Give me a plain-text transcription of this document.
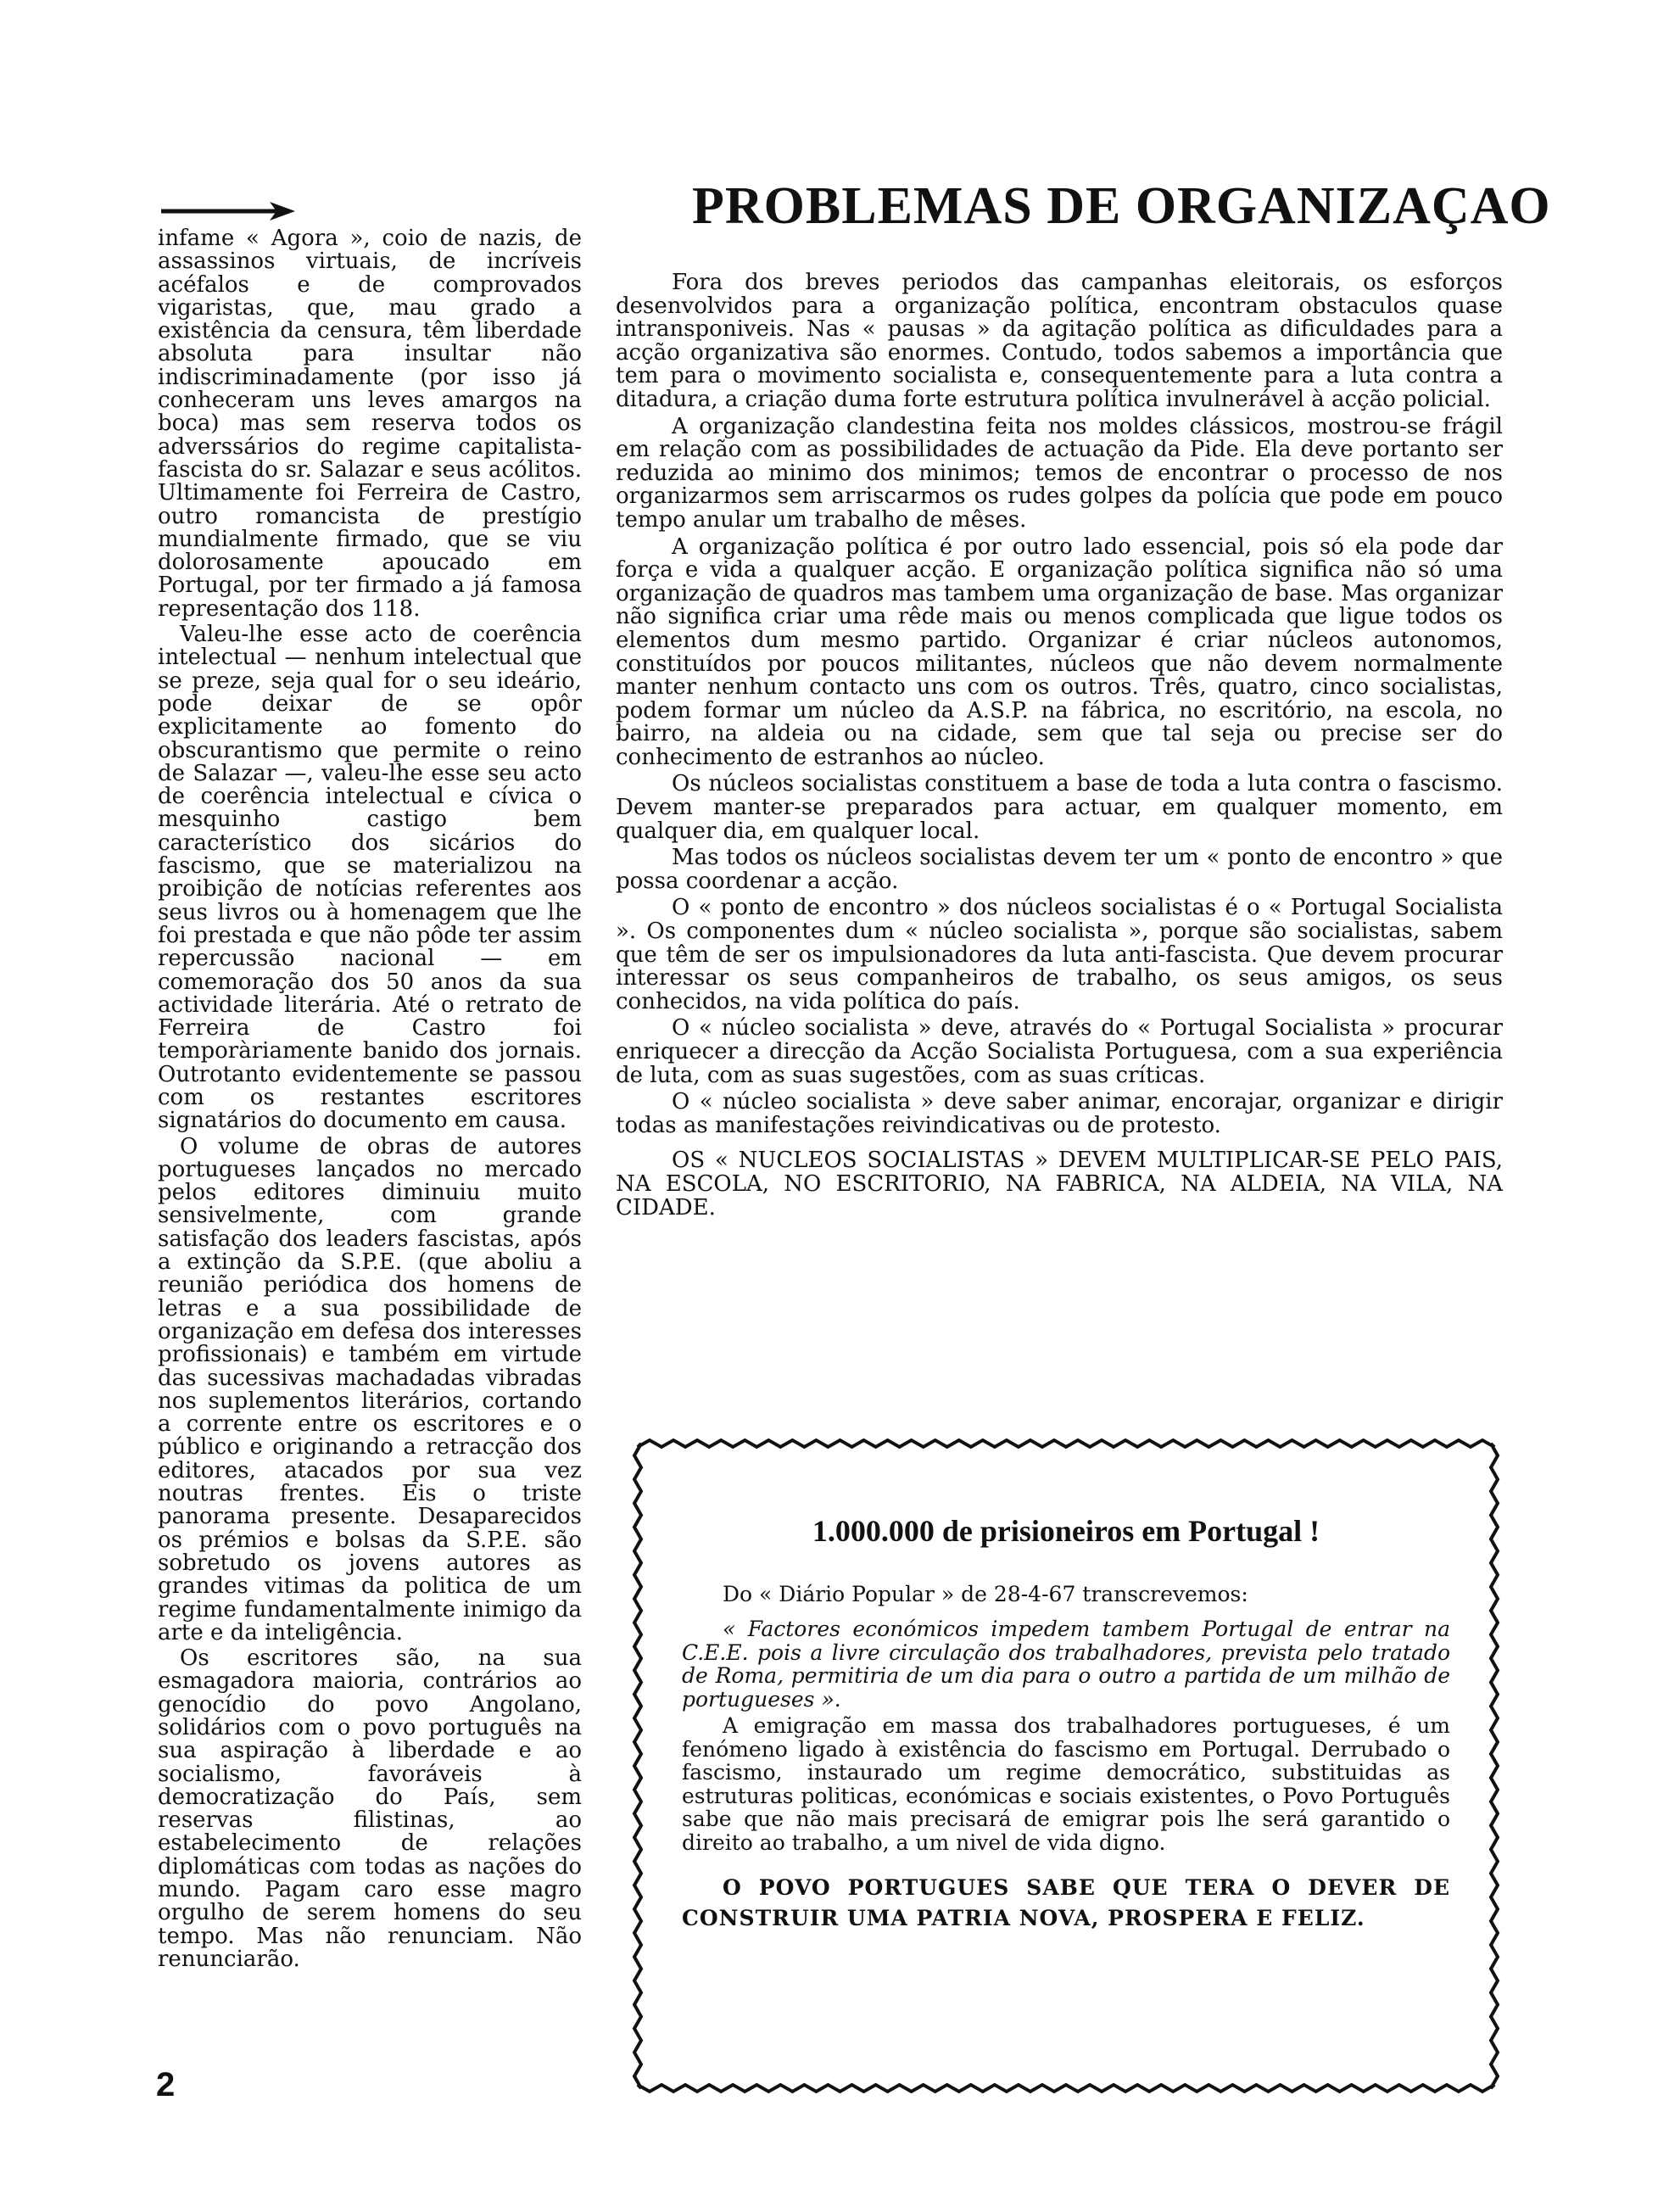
infame « Agora », coio de nazis, de assassinos virtuais, de incríveis acéfalos e de comprovados vigaristas, que, mau grado a existência da censura, têm liberdade absoluta para insultar não indiscriminadamente (por isso já conheceram uns leves amargos na boca) mas sem reserva todos os adverssários do regime capitalista-fascista do sr. Salazar e seus acólitos. Ultimamente foi Ferreira de Castro, outro romancista de prestígio mundialmente firmado, que se viu dolorosamente apoucado em Portugal, por ter firmado a já famosa representação dos 118.

Valeu-lhe esse acto de coerência intelectual — nenhum intelectual que se preze, seja qual for o seu ideário, pode deixar de se opôr explicitamente ao fomento do obscurantismo que permite o reino de Salazar —, valeu-lhe esse seu acto de coerência intelectual e cívica o mesquinho castigo bem característico dos sicários do fascismo, que se materializou na proibição de notícias referentes aos seus livros ou à homenagem que lhe foi prestada e que não pôde ter assim repercussão nacional — em comemoração dos 50 anos da sua actividade literária. Até o retrato de Ferreira de Castro foi temporàriamente banido dos jornais. Outrotanto evidentemente se passou com os restantes escritores signatários do documento em causa.

O volume de obras de autores portugueses lançados no mercado pelos editores diminuiu muito sensivelmente, com grande satisfação dos leaders fascistas, após a extinção da S.P.E. (que aboliu a reunião periódica dos homens de letras e a sua possibilidade de organização em defesa dos interesses profissionais) e também em virtude das sucessivas machadadas vibradas nos suplementos literários, cortando a corrente entre os escritores e o público e originando a retracção dos editores, atacados por sua vez noutras frentes. Eis o triste panorama presente. Desaparecidos os prémios e bolsas da S.P.E. são sobretudo os jovens autores as grandes vitimas da politica de um regime fundamentalmente inimigo da arte e da inteligência.

Os escritores são, na sua esmagadora maioria, contrários ao genocídio do povo Angolano, solidários com o povo português na sua aspiração à liberdade e ao socialismo, favoráveis à democratização do País, sem reservas filistinas, ao estabelecimento de relações diplomáticas com todas as nações do mundo. Pagam caro esse magro orgulho de serem homens do seu tempo. Mas não renunciam. Não renunciarão.

PROBLEMAS DE ORGANIZAÇAO

Fora dos breves periodos das campanhas eleitorais, os esforços desenvolvidos para a organização política, encontram obstaculos quase intransponiveis. Nas « pausas » da agitação política as dificuldades para a acção organizativa são enormes. Contudo, todos sabemos a importância que tem para o movimento socialista e, consequentemente para a luta contra a ditadura, a criação duma forte estrutura política invulnerável à acção policial.

A organização clandestina feita nos moldes clássicos, mostrou-se frágil em relação com as possibilidades de actuação da Pide. Ela deve portanto ser reduzida ao minimo dos minimos; temos de encontrar o processo de nos organizarmos sem arriscarmos os rudes golpes da polícia que pode em pouco tempo anular um trabalho de mêses.

A organização política é por outro lado essencial, pois só ela pode dar força e vida a qualquer acção. E organização política significa não só uma organização de quadros mas tambem uma organização de base. Mas organizar não significa criar uma rêde mais ou menos complicada que ligue todos os elementos dum mesmo partido. Organizar é criar núcleos autonomos, constituídos por poucos militantes, núcleos que não devem normalmente manter nenhum contacto uns com os outros. Três, quatro, cinco socialistas, podem formar um núcleo da A.S.P. na fábrica, no escritório, na escola, no bairro, na aldeia ou na cidade, sem que tal seja ou precise ser do conhecimento de estranhos ao núcleo.

Os núcleos socialistas constituem a base de toda a luta contra o fascismo. Devem manter-se preparados para actuar, em qualquer momento, em qualquer dia, em qualquer local.

Mas todos os núcleos socialistas devem ter um « ponto de encontro » que possa coordenar a acção.

O « ponto de encontro » dos núcleos socialistas é o « Portugal Socialista ». Os componentes dum « núcleo socialista », porque são socialistas, sabem que têm de ser os impulsionadores da luta anti-fascista. Que devem procurar interessar os seus companheiros de trabalho, os seus amigos, os seus conhecidos, na vida política do país.

O « núcleo socialista » deve, através do « Portugal Socialista » procurar enriquecer a direcção da Acção Socialista Portuguesa, com a sua experiência de luta, com as suas sugestões, com as suas críticas.

O « núcleo socialista » deve saber animar, encorajar, organizar e dirigir todas as manifestações reivindicativas ou de protesto.

OS « NUCLEOS SOCIALISTAS » DEVEM MULTIPLICAR-SE PELO PAIS, NA ESCOLA, NO ESCRITORIO, NA FABRICA, NA ALDEIA, NA VILA, NA CIDADE.

1.000.000 de prisioneiros em Portugal !

Do « Diário Popular » de 28-4-67 transcrevemos:

« Factores económicos impedem tambem Portugal de entrar na C.E.E. pois a livre circulação dos trabalhadores, prevista pelo tratado de Roma, permitiria de um dia para o outro a partida de um milhão de portugueses ».

A emigração em massa dos trabalhadores portugueses, é um fenómeno ligado à existência do fascismo em Portugal. Derrubado o fascismo, instaurado um regime democrático, substituidas as estruturas politicas, económicas e sociais existentes, o Povo Português sabe que não mais precisará de emigrar pois lhe será garantido o direito ao trabalho, a um nivel de vida digno.

O POVO PORTUGUES SABE QUE TERA O DEVER DE CONSTRUIR UMA PATRIA NOVA, PROSPERA E FELIZ.

2
